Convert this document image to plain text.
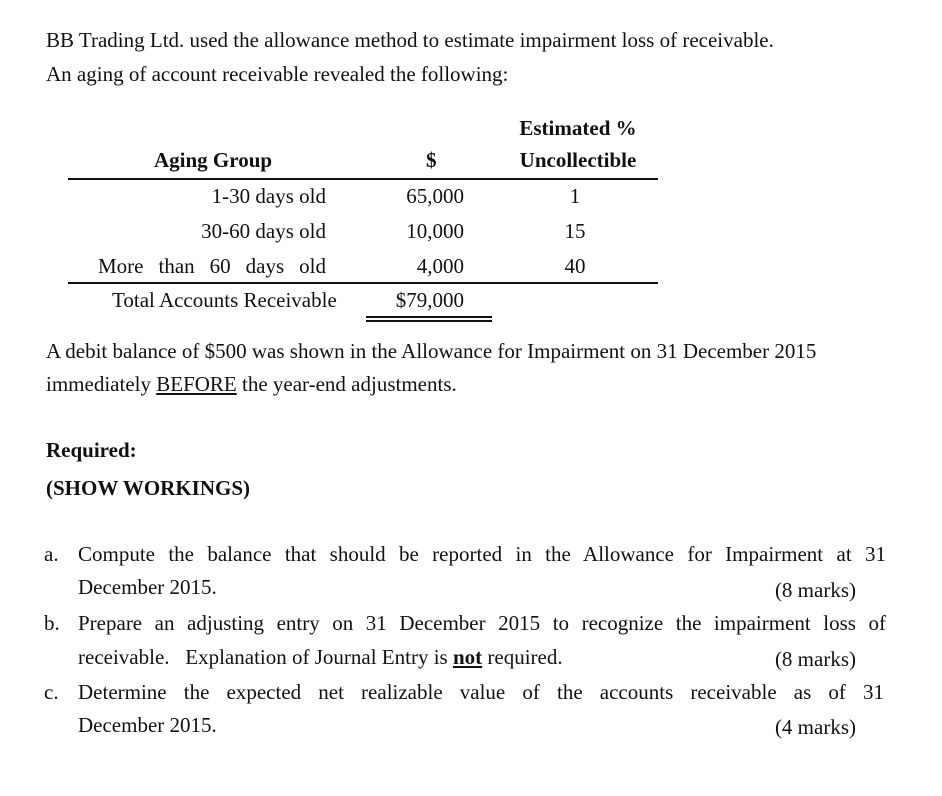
BB Trading Ltd. used the allowance method to estimate impairment loss of receivable.
An aging of account receivable revealed the following:
Estimated %
Aging Group	$	Uncollectible
1-30 days old	65,000	1
30-60 days old	10,000	15
More than 60 days old	4,000	40
Total Accounts Receivable	$79,000
A debit balance of $500 was shown in the Allowance for Impairment on 31 December 2015
immediately BEFORE the year-end adjustments.
Required:
(SHOW WORKINGS)
a. Compute the balance that should be reported in the Allowance for Impairment at 31
December 2015.	(8 marks)
b. Prepare an adjusting entry on 31 December 2015 to recognize the impairment loss of
receivable.   Explanation of Journal Entry is not required.	(8 marks)
c. Determine the expected net realizable value of the accounts receivable as of 31
December 2015.	(4 marks)
